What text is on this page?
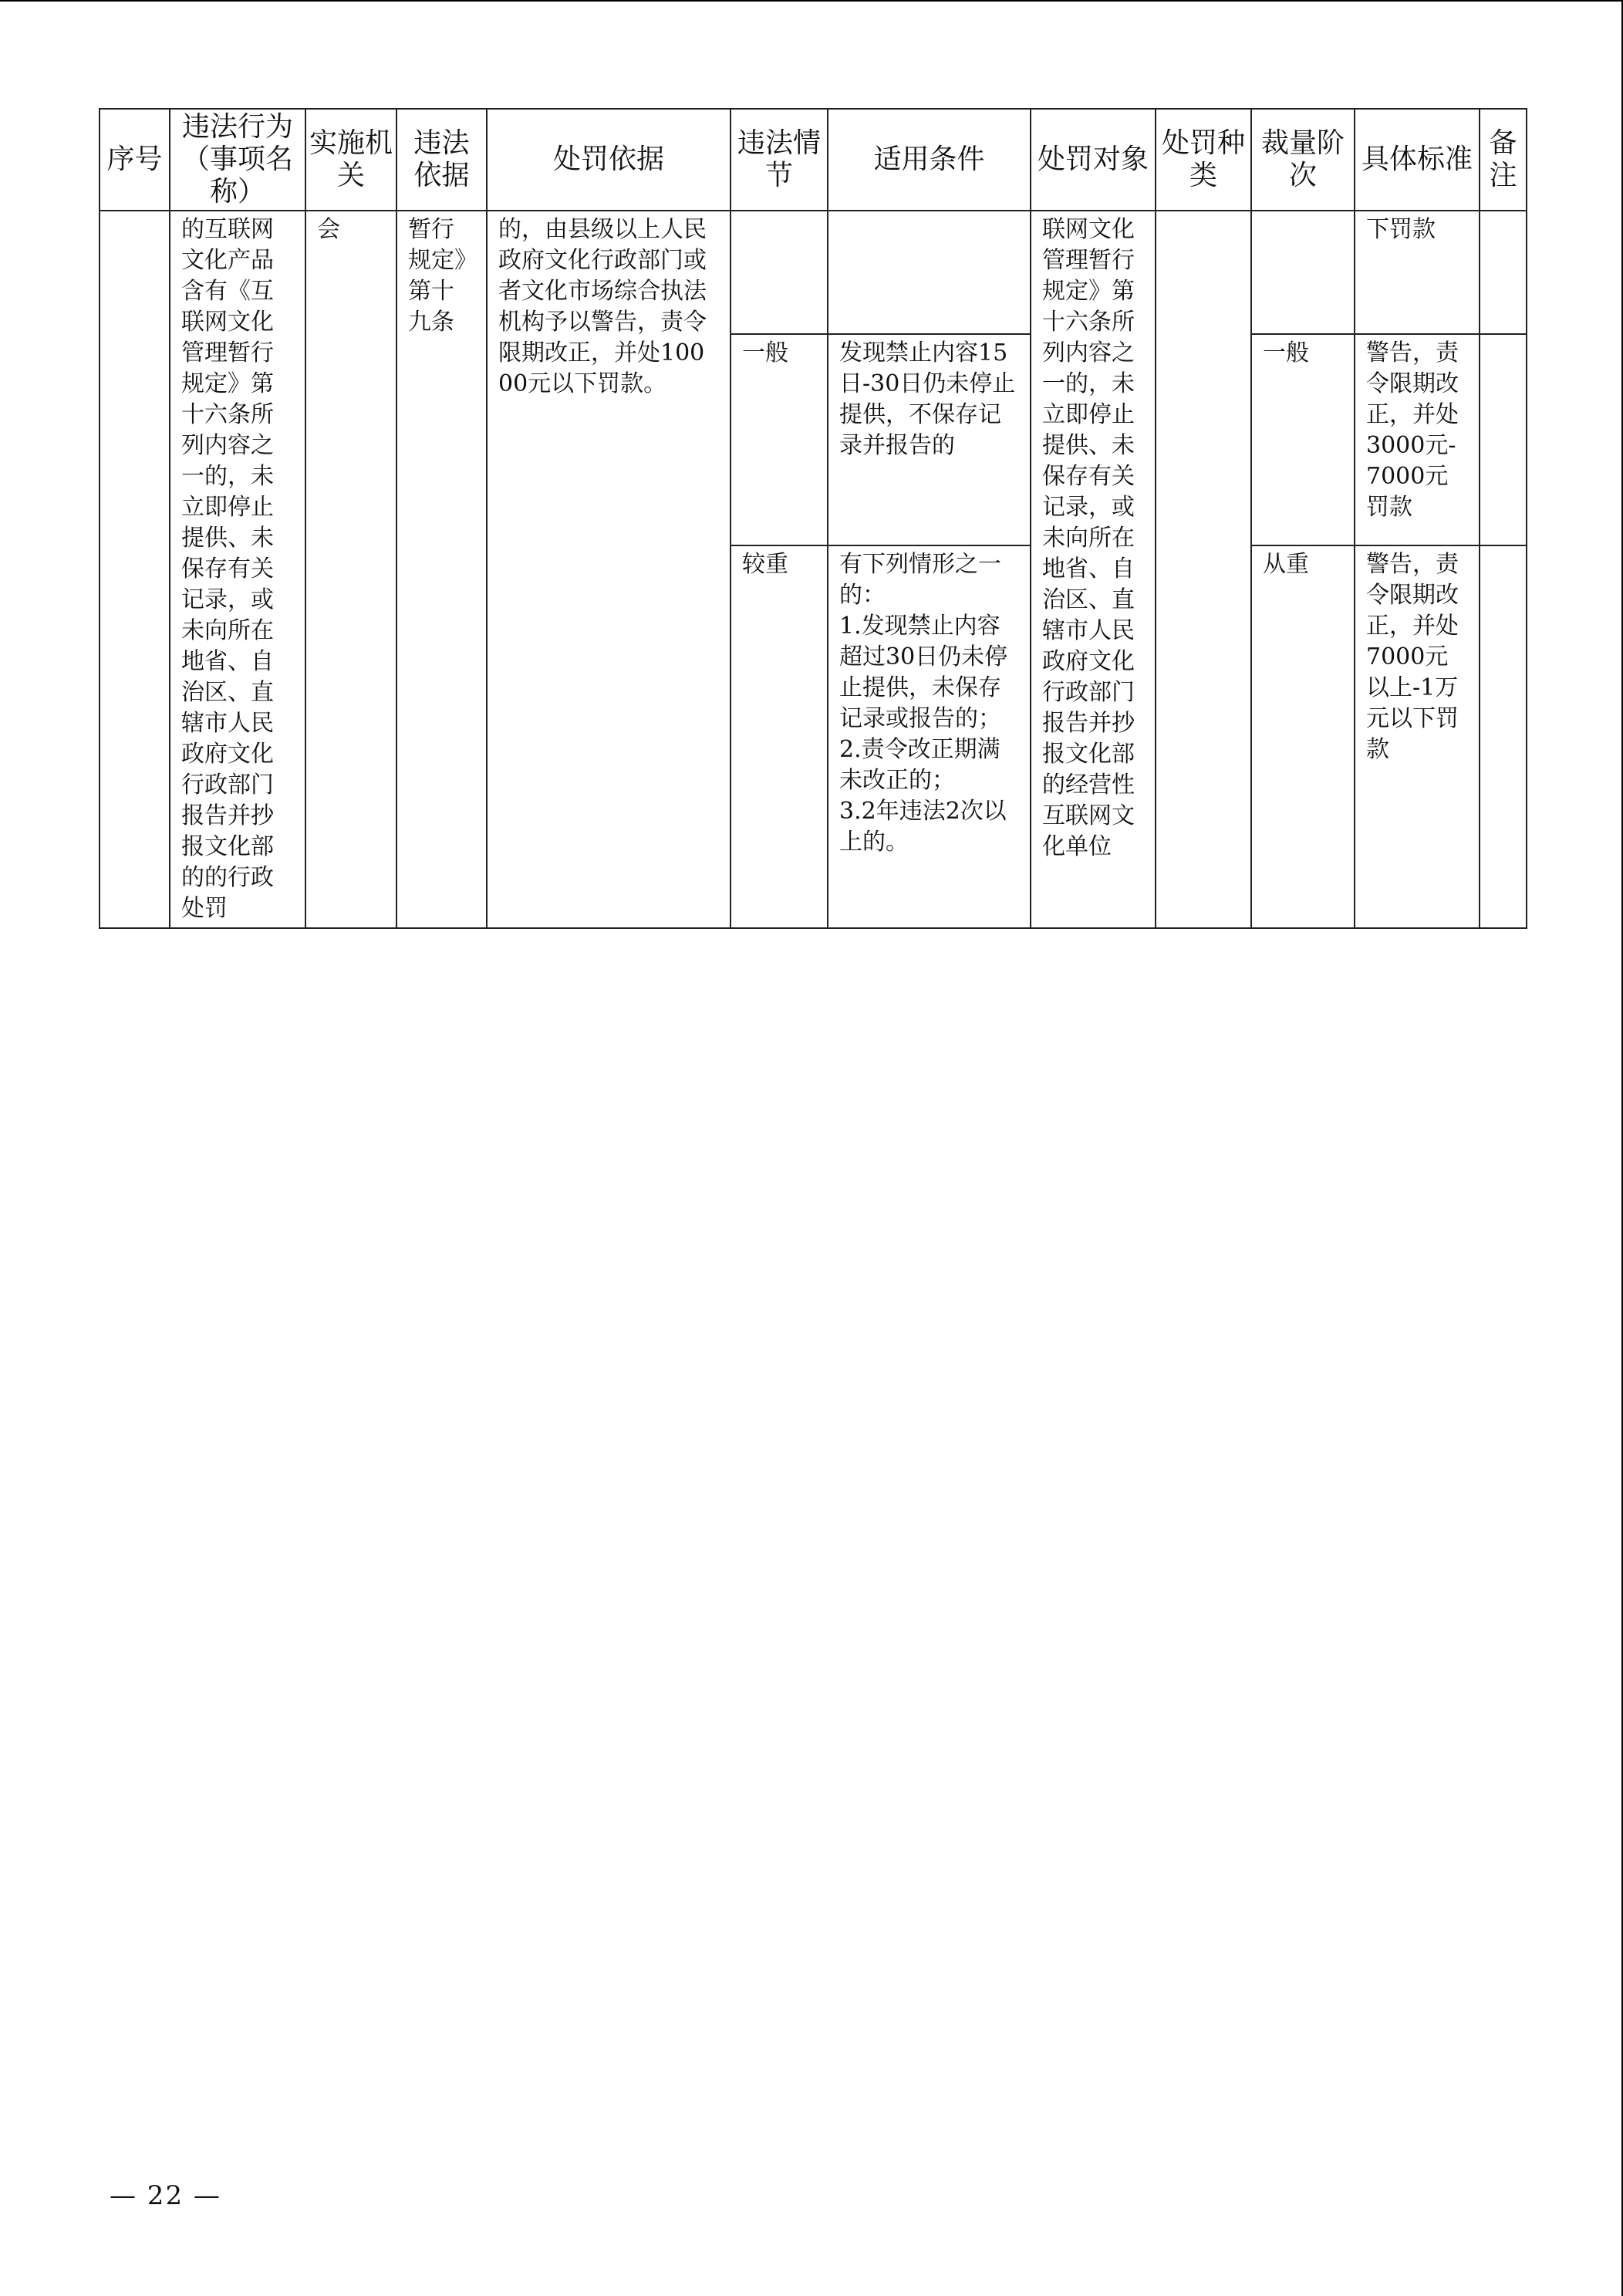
序号	违法行为（事项名称）	实施机关	违法依据	处罚依据	违法情节	适用条件	处罚对象	处罚种类	裁量阶次	具体标准	备注
	的互联网文化产品含有《互联网文化管理暂行规定》第十六条所列内容之一的，未立即停止提供、未保存有关记录，或未向所在地省、自治区、直辖市人民政府文化行政部门报告并抄报文化部的的行政处罚	会	暂行规定》第十九条	的，由县级以上人民政府文化行政部门或者文化市场综合执法机构予以警告，责令限期改正，并处10000元以下罚款。			联网文化管理暂行规定》第十六条所列内容之一的，未立即停止提供、未保存有关记录，或未向所在地省、自治区、直辖市人民政府文化行政部门报告并抄报文化部的经营性互联网文化单位			下罚款	
					一般	发现禁止内容15日-30日仍未停止提供，不保存记录并报告的			一般	警告，责令限期改正，并处3000元-7000元罚款	
					较重	有下列情形之一的：
1.发现禁止内容超过30日仍未停止提供，未保存记录或报告的；
2.责令改正期满未改正的；
3.2年违法2次以上的。			从重	警告，责令限期改正，并处7000元以上-1万元以下罚款	
— 22 —
